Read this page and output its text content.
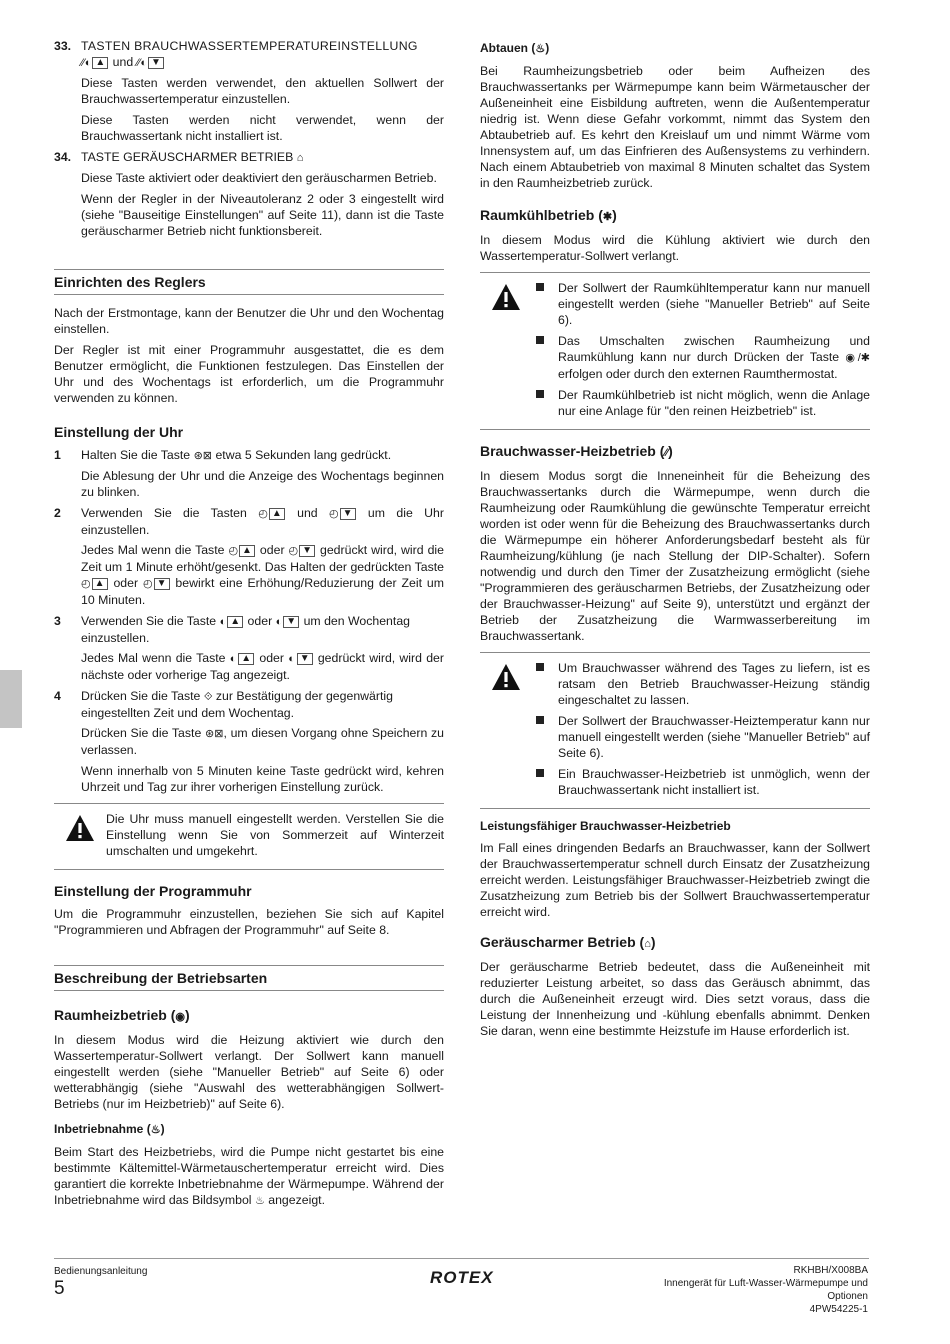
33. TASTEN BRAUCHWASSERTEMPERATUREINSTELLUNG
⁄⁄◐ ▲ und ⁄⁄◐ ▼

Diese Tasten werden verwendet, den aktuellen Sollwert der Brauchwassertemperatur einzustellen.

Diese Tasten werden nicht verwendet, wenn der Brauchwassertank nicht installiert ist.

34. TASTE GERÄUSCHARMER BETRIEB ⌂

Diese Taste aktiviert oder deaktiviert den geräuscharmen Betrieb.

Wenn der Regler in der Niveautoleranz 2 oder 3 eingestellt wird (siehe "Bauseitige Einstellungen" auf Seite 11), dann ist die Taste geräuscharmer Betrieb nicht funktionsbereit.

Einrichten des Reglers

Nach der Erstmontage, kann der Benutzer die Uhr und den Wochentag einstellen.

Der Regler ist mit einer Programmuhr ausgestattet, die es dem Benutzer ermöglicht, die Funktionen festzulegen. Das Einstellen der Uhr und des Wochentags ist erforderlich, um die Programmuhr verwenden zu können.

Einstellung der Uhr
1 Halten Sie die Taste ⊛⊠ etwa 5 Sekunden lang gedrückt.

Die Ablesung der Uhr und die Anzeige des Wochentags beginnen zu blinken.

2 Verwenden Sie die Tasten ◴ ▲ und ◴ ▼ um die Uhr einzustellen.

Jedes Mal wenn die Taste ◴ ▲ oder ◴ ▼ gedrückt wird, wird die Zeit um 1 Minute erhöht/gesenkt. Das Halten der gedrückten Taste ◴ ▲ oder ◴ ▼ bewirkt eine Erhöhung/Reduzierung der Zeit um 10 Minuten.

3 Verwenden Sie die Taste ◐ ▲ oder ◐ ▼ um den Wochentag einzustellen.

Jedes Mal wenn die Taste ◐ ▲ oder ◐ ▼ gedrückt wird, wird der nächste oder vorherige Tag angezeigt.

4 Drücken Sie die Taste ⟐ zur Bestätigung der gegenwärtig eingestellten Zeit und dem Wochentag.

Drücken Sie die Taste ⊛⊠, um diesen Vorgang ohne Speichern zu verlassen.

Wenn innerhalb von 5 Minuten keine Taste gedrückt wird, kehren Uhrzeit und Tag zur ihrer vorherigen Einstellung zurück.

Die Uhr muss manuell eingestellt werden. Verstellen Sie die Einstellung wenn Sie von Sommerzeit auf Winterzeit umschalten und umgekehrt.

Einstellung der Programmuhr

Um die Programmuhr einzustellen, beziehen Sie sich auf Kapitel "Programmieren und Abfragen der Programmuhr" auf Seite 8.

Beschreibung der Betriebsarten
Raumheizbetrieb (◉)

In diesem Modus wird die Heizung aktiviert wie durch den Wassertemperatur-Sollwert verlangt. Der Sollwert kann manuell eingestellt werden (siehe "Manueller Betrieb" auf Seite 6) oder wetterabhängig (siehe "Auswahl des wetterabhängigen Sollwert-Betriebs (nur im Heizbetrieb)" auf Seite 6).

Inbetriebnahme (♨)

Beim Start des Heizbetriebs, wird die Pumpe nicht gestartet bis eine bestimmte Kältemittel-Wärmetauschertemperatur erreicht wird. Dies garantiert die korrekte Inbetriebnahme der Wärmepumpe. Während der Inbetriebnahme wird das Bildsymbol ♨ angezeigt.

Abtauen (♨)

Bei Raumheizungsbetrieb oder beim Aufheizen des Brauchwassertanks per Wärmepumpe kann beim Wärmetauscher der Außeneinheit eine Eisbildung auftreten, wenn die Außentemperatur niedrig ist. Wenn diese Gefahr vorkommt, nimmt das System den Abtaubetrieb auf. Es kehrt den Kreislauf um und nimmt Wärme vom Innensystem auf, um das Einfrieren des Außensystems zu verhindern. Nach einem Abtaubetrieb von maximal 8 Minuten schaltet das System in den Raumheizbetrieb zurück.

Raumkühlbetrieb (✱)

In diesem Modus wird die Kühlung aktiviert wie durch den Wassertemperatur-Sollwert verlangt.

Der Sollwert der Raumkühltemperatur kann nur manuell eingestellt werden (siehe "Manueller Betrieb" auf Seite 6).
Das Umschalten zwischen Raumheizung und Raumkühlung kann nur durch Drücken der Taste ◉/✱ erfolgen oder durch den externen Raumthermostat.
Der Raumkühlbetrieb ist nicht möglich, wenn die Anlage nur eine Anlage für "den reinen Heizbetrieb" ist.
Brauchwasser-Heizbetrieb (⁄⁄)

In diesem Modus sorgt die Inneneinheit für die Beheizung des Brauchwassertanks durch die Wärmepumpe, wenn durch die Raumheizung oder Raumkühlung die gewünschte Temperatur erreicht worden ist oder wenn für die Beheizung des Brauchwassertanks durch die Wärmepumpe ein höherer Anforderungsbedarf besteht als für Raumheizung/kühlung (je nach Stellung der DIP-Schalter). Sofern notwendig und durch den Timer der Zusatzheizung ermöglicht (siehe "Programmieren des geräuscharmen Betriebs, der Zusatzheizung oder der Brauchwasser-Heizung" auf Seite 9), unterstützt und ergänzt der Betrieb der Zusatzheizung die Warmwasserbereitung im Brauchwassertank.

Um Brauchwasser während des Tages zu liefern, ist es ratsam den Betrieb Brauchwasser-Heizung ständig eingeschaltet zu lassen.
Der Sollwert der Brauchwasser-Heiztemperatur kann nur manuell eingestellt werden (siehe "Manueller Betrieb" auf Seite 6).
Ein Brauchwasser-Heizbetrieb ist unmöglich, wenn der Brauchwassertank nicht installiert ist.
Leistungsfähiger Brauchwasser-Heizbetrieb

Im Fall eines dringenden Bedarfs an Brauchwasser, kann der Sollwert der Brauchwassertemperatur schnell durch Einsatz der Zusatzheizung erreicht werden. Leistungsfähiger Brauchwasser-Heizbetrieb zwingt die Zusatzheizung zum Betrieb bis der Sollwert Brauchwassertemperatur erreicht wird.

Geräuscharmer Betrieb (⌂)

Der geräuscharme Betrieb bedeutet, dass die Außeneinheit mit reduzierter Leistung arbeitet, so dass das Geräusch abnimmt, das durch die Außeneinheit erzeugt wird. Dies setzt voraus, dass die Leistung der Innenheizung und -kühlung ebenfalls abnimmt. Denken Sie daran, wenn eine bestimmte Heizstufe im Hause erforderlich ist.

Bedienungsanleitung
5
ROTEX	RKHBH/X008BA
Innengerät für Luft-Wasser-Wärmepumpe und
Optionen
4PW54225-1
